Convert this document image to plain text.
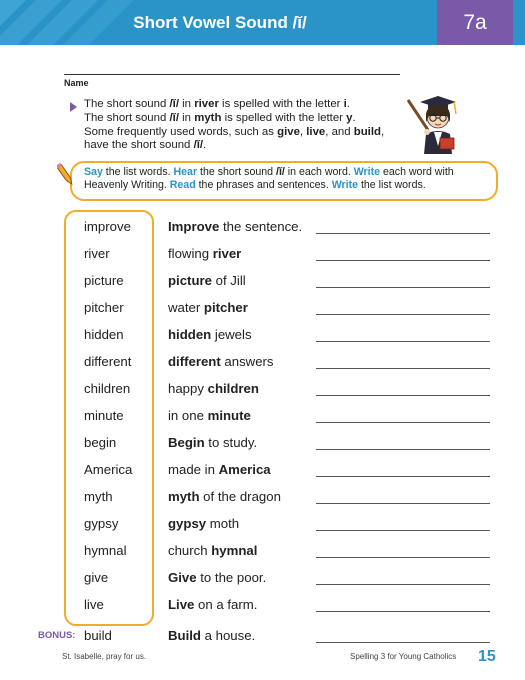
Short Vowel Sound /ĭ/	7a
Name
The short sound /ĭ/ in river is spelled with the letter i.
The short sound /ĭ/ in myth is spelled with the letter y.
Some frequently used words, such as give, live, and build,
have the short sound /ĭ/.
Say the list words. Hear the short sound /ĭ/ in each word. Write each word with Heavenly Writing. Read the phrases and sentences. Write the list words.
improve	Improve the sentence.
river	flowing river
picture	picture of Jill
pitcher	water pitcher
hidden	hidden jewels
different	different answers
children	happy children
minute	in one minute
begin	Begin to study.
America	made in America
myth	myth of the dragon
gypsy	gypsy moth
hymnal	church hymnal
give	Give to the poor.
live	Live on a farm.
BONUS: build	Build a house.
St. Isabelle, pray for us.	Spelling 3 for Young Catholics 15
